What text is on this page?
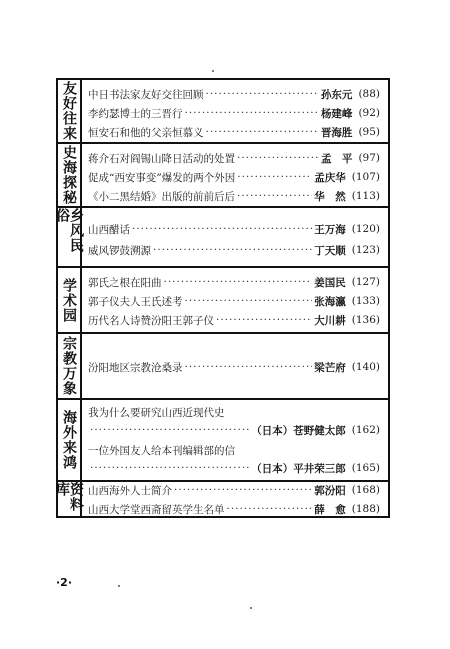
友好往来 中日书法家友好交往回顾 ·····	孙东元 (88)
李约瑟博士的三晋行 ·····	杨建峰 (92)
恒安石和他的父亲恒慕义 ·····	晋海胜 (95)
史海探秘 蒋介石对阎锡山降日活动的处置 ·····	孟　平 (97)
促成“西安事变”爆发的两个外因 ·····	孟庆华 (107)
《小二黑结婚》出版的前前后后 ·····	华　然 (113)
乡风民俗
山西醋话 ·····	王万海 (120)
威风锣鼓溯源 ·····	丁天顺 (123)
学术园 郭氏之根在阳曲 ·····	姜国民 (127)
郭子仪夫人王氏述考 ·····	张海瀛 (133)
历代名人诗赞汾阳王郭子仪 ·····	大川耕 (136)
宗教万象 汾阳地区宗教沧桑录 ·····	梁芒府 (140)
海外来鸿 我为什么要研究山西近现代史
·····
（日本）苍野健太郎 (162)
一位外国友人给本刊编辑部的信
·····
（日本）平井荣三郎 (165)
资料库	山西海外人士简介 ·····	郭汾阳 (168)
山西大学堂西斋留英学生名单 ·····	薛　愈 (188)
·2·
